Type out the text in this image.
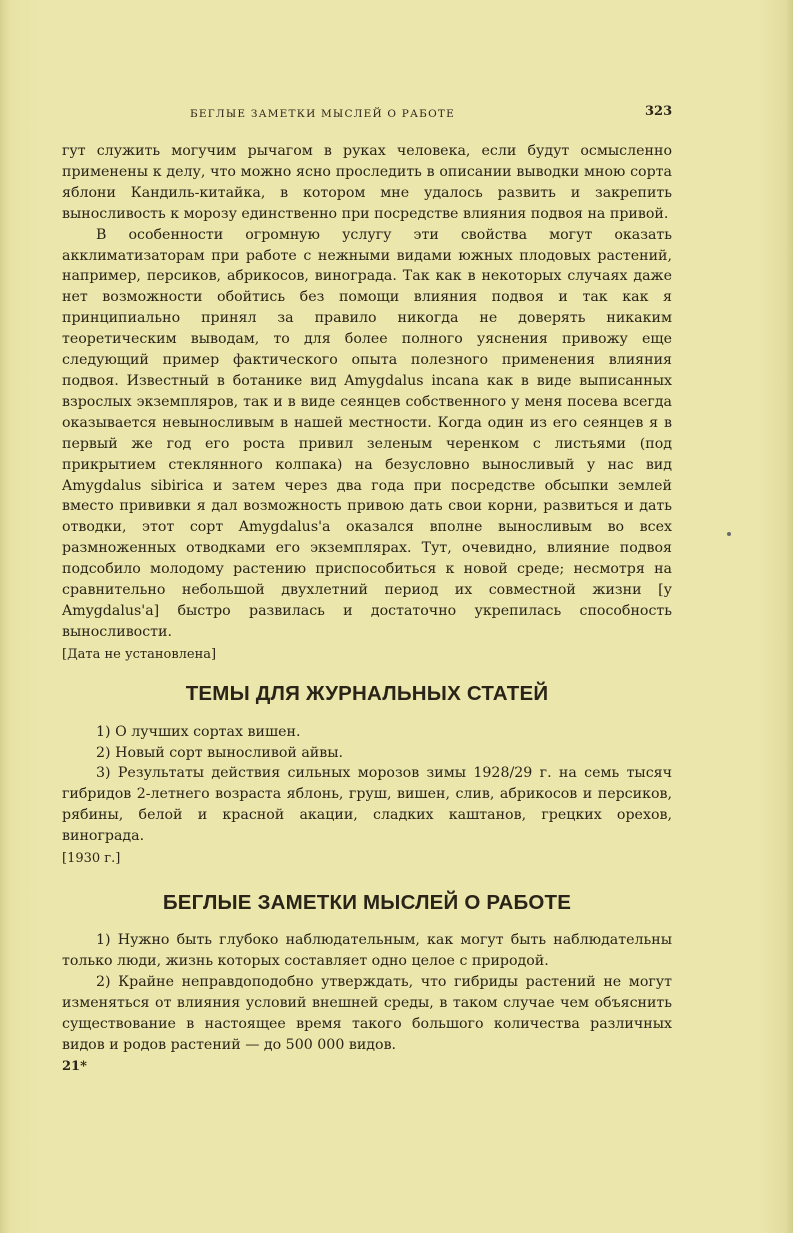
БЕГЛЫЕ ЗАМЕТКИ МЫСЛЕЙ О РАБОТЕ	323

гут служить могучим рычагом в руках человека, если будут осмысленно применены к делу, что можно ясно проследить в описании выводки мною сорта яблони Кандиль-китайка, в котором мне удалось развить и закрепить выносливость к морозу единственно при посредстве влияния подвоя на привой.

В особенности огромную услугу эти свойства могут оказать акклиматизаторам при работе с нежными видами южных плодовых растений, например, персиков, абрикосов, винограда. Так как в некоторых случаях даже нет возможности обойтись без помощи влияния подвоя и так как я принципиально принял за правило никогда не доверять никаким теоретическим выводам, то для более полного уяснения привожу еще следующий пример фактического опыта полезного применения влияния подвоя. Известный в ботанике вид Amygdalus incana как в виде выписанных взрослых экземпляров, так и в виде сеянцев собственного у меня посева всегда оказывается невыносливым в нашей местности. Когда один из его сеянцев я в первый же год его роста привил зеленым черенком с листьями (под прикрытием стеклянного колпака) на безусловно выносливый у нас вид Amygdalus sibirica и затем через два года при посредстве обсыпки землей вместо прививки я дал возможность привою дать свои корни, развиться и дать отводки, этот сорт Amygdalus'a оказался вполне выносливым во всех размноженных отводками его экземплярах. Тут, очевидно, влияние подвоя подсобило молодому растению приспособиться к новой среде; несмотря на сравнительно небольшой двухлетний период их совместной жизни [у Amygdalus'a] быстро развилась и достаточно укрепилась способность выносливости.

[Дата не установлена]

ТЕМЫ ДЛЯ ЖУРНАЛЬНЫХ СТАТЕЙ

1) О лучших сортах вишен.

2) Новый сорт выносливой айвы.

3) Результаты действия сильных морозов зимы 1928/29 г. на семь тысяч гибридов 2-летнего возраста яблонь, груш, вишен, слив, абрикосов и персиков, рябины, белой и красной акации, сладких каштанов, грецких орехов, винограда.

[1930 г.]

БЕГЛЫЕ ЗАМЕТКИ МЫСЛЕЙ О РАБОТЕ

1) Нужно быть глубоко наблюдательным, как могут быть наблюдательны только люди, жизнь которых составляет одно целое с природой.

2) Крайне неправдоподобно утверждать, что гибриды растений не могут изменяться от влияния условий внешней среды, в таком случае чем объяснить существование в настоящее время такого большого количества различных видов и родов растений — до 500 000 видов.

21*
